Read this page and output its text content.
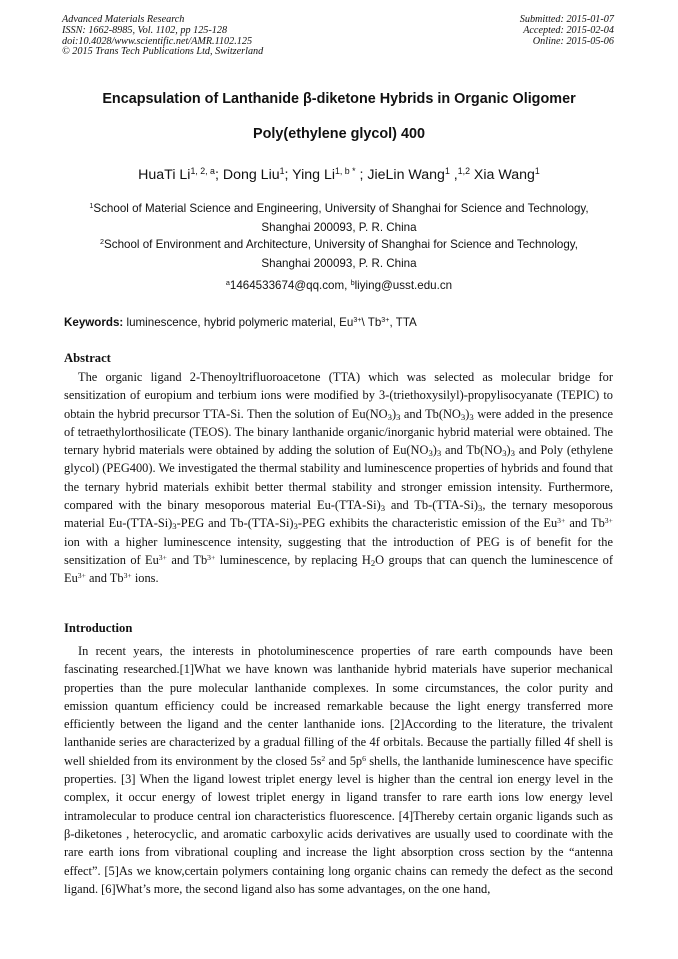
Advanced Materials Research
ISSN: 1662-8985, Vol. 1102, pp 125-128
doi:10.4028/www.scientific.net/AMR.1102.125
© 2015 Trans Tech Publications Ltd, Switzerland
Submitted: 2015-01-07
Accepted: 2015-02-04
Online: 2015-05-06
Encapsulation of Lanthanide β-diketone Hybrids in Organic Oligomer
Poly(ethylene glycol) 400
HuaTi Li$^{1, 2, a}$; Dong Liu$^1$; Ying $Li^{1, b *}$ ; JieLin Wang$^1$ ,$^{1,2}$ Xia Wang$^1$
$^1$School of Material Science and Engineering, University of Shanghai for Science and Technology,
Shanghai 200093, P. R. China
$^2$School of Environment and Architecture, University of Shanghai for Science and Technology,
Shanghai 200093, P. R. China
$^a$1464533674@qq.com, $^b$liying@usst.edu.cn
Keywords: luminescence, hybrid polymeric material, $Eu^{3+}\backslash$ $Tb^{3+}$, TTA
Abstract

The organic ligand 2-Thenoyltrifluoroacetone (TTA) which was selected as molecular bridge for sensitization of europium and terbium ions were modified by 3-(triethoxysilyl)-propylisocyanate (TEPIC) to obtain the hybrid precursor TTA-Si. Then the solution of $Eu(NO_3)_3$ and $Tb(NO_3)_3$ were added in the presence of tetraethylorthosilicate (TEOS). The binary lanthanide organic/inorganic hybrid material were obtained. The ternary hybrid materials were obtained by adding the solution of $Eu(NO_3)_3$ and $Tb(NO_3)_3$ and Poly (ethylene glycol) (PEG400). We investigated the thermal stability and luminescence properties of hybrids and found that the ternary hybrid materials exhibit better thermal stability and stronger emission intensity. Furthermore, compared with the binary mesoporous material $Eu-(TTA-Si)_3$ and $Tb-(TTA-Si)_3$, the ternary mesoporous material $Eu-(TTA-Si)_3$-PEG and $Tb-(TTA-Si)_3$-PEG exhibits the characteristic emission of the $Eu^{3+}$ and $Tb^{3+}$ ion with a higher luminescence intensity, suggesting that the introduction of PEG is of benefit for the sensitization of $Eu^{3+}$ and $Tb^{3+}$ luminescence, by replacing $H_2O$ groups that can quench the luminescence of $Eu^{3+}$ and $Tb^{3+}$ ions.

Introduction

In recent years, the interests in photoluminescence properties of rare earth compounds have been fascinating researched.[1]What we have known was lanthanide hybrid materials have superior mechanical properties than the pure molecular lanthanide complexes. In some circumstances, the color purity and emission quantum efficiency could be increased remarkable because the light energy transferred more efficiently between the ligand and the center lanthanide ions. [2]According to the literature, the trivalent lanthanide series are characterized by a gradual filling of the 4f orbitals. Because the partially filled 4f shell is well shielded from its environment by the closed $5s^2$ and $5p^6$ shells, the lanthanide luminescence have specific properties. [3] When the ligand lowest triplet energy level is higher than the central ion energy level in the complex, it occur energy of lowest triplet energy in ligand transfer to rare earth ions low energy level intramolecular to produce central ion characteristics fluorescence. [4]Thereby certain organic ligands such as β-diketones , heterocyclic, and aromatic carboxylic acids derivatives are usually used to coordinate with the rare earth ions from vibrational coupling and increase the light absorption cross section by the “antenna effect”. [5]As we know,certain polymers containing long organic chains can remedy the defect as the second ligand. [6]What’s more, the second ligand also has some advantages, on the one hand,
